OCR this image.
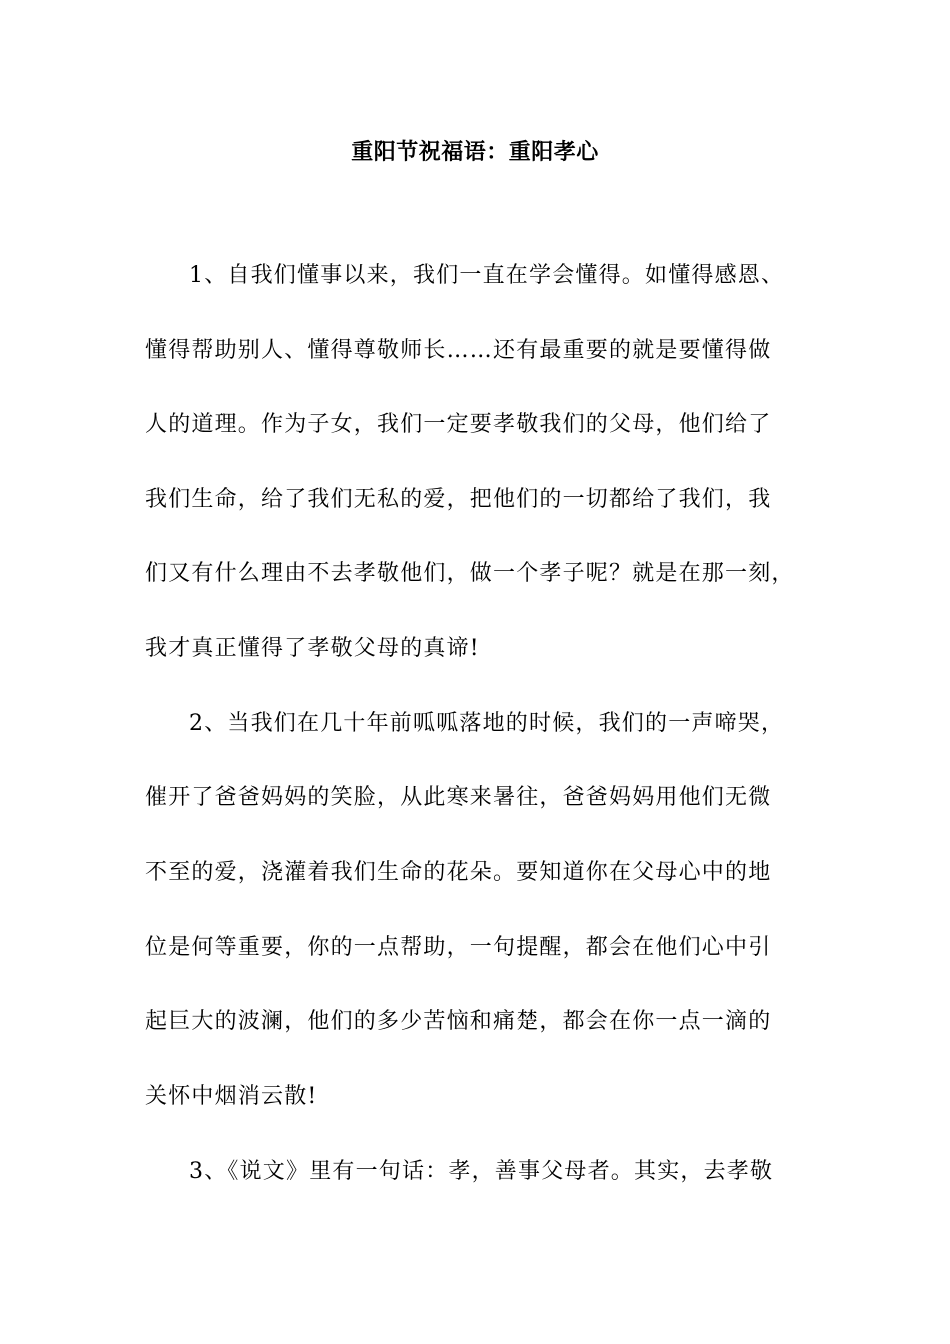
重阳节祝福语：重阳孝心
1、自我们懂事以来，我们一直在学会懂得。如懂得感恩、
懂得帮助别人、懂得尊敬师长……还有最重要的就是要懂得做
人的道理。作为子女，我们一定要孝敬我们的父母，他们给了
我们生命，给了我们无私的爱，把他们的一切都给了我们，我
们又有什么理由不去孝敬他们，做一个孝子呢？就是在那一刻，
我才真正懂得了孝敬父母的真谛!
2、当我们在几十年前呱呱落地的时候，我们的一声啼哭，
催开了爸爸妈妈的笑脸，从此寒来暑往，爸爸妈妈用他们无微
不至的爱，浇灌着我们生命的花朵。要知道你在父母心中的地
位是何等重要，你的一点帮助，一句提醒，都会在他们心中引
起巨大的波澜，他们的多少苦恼和痛楚，都会在你一点一滴的
关怀中烟消云散!
3、《说文》里有一句话：孝，善事父母者。其实，去孝敬
